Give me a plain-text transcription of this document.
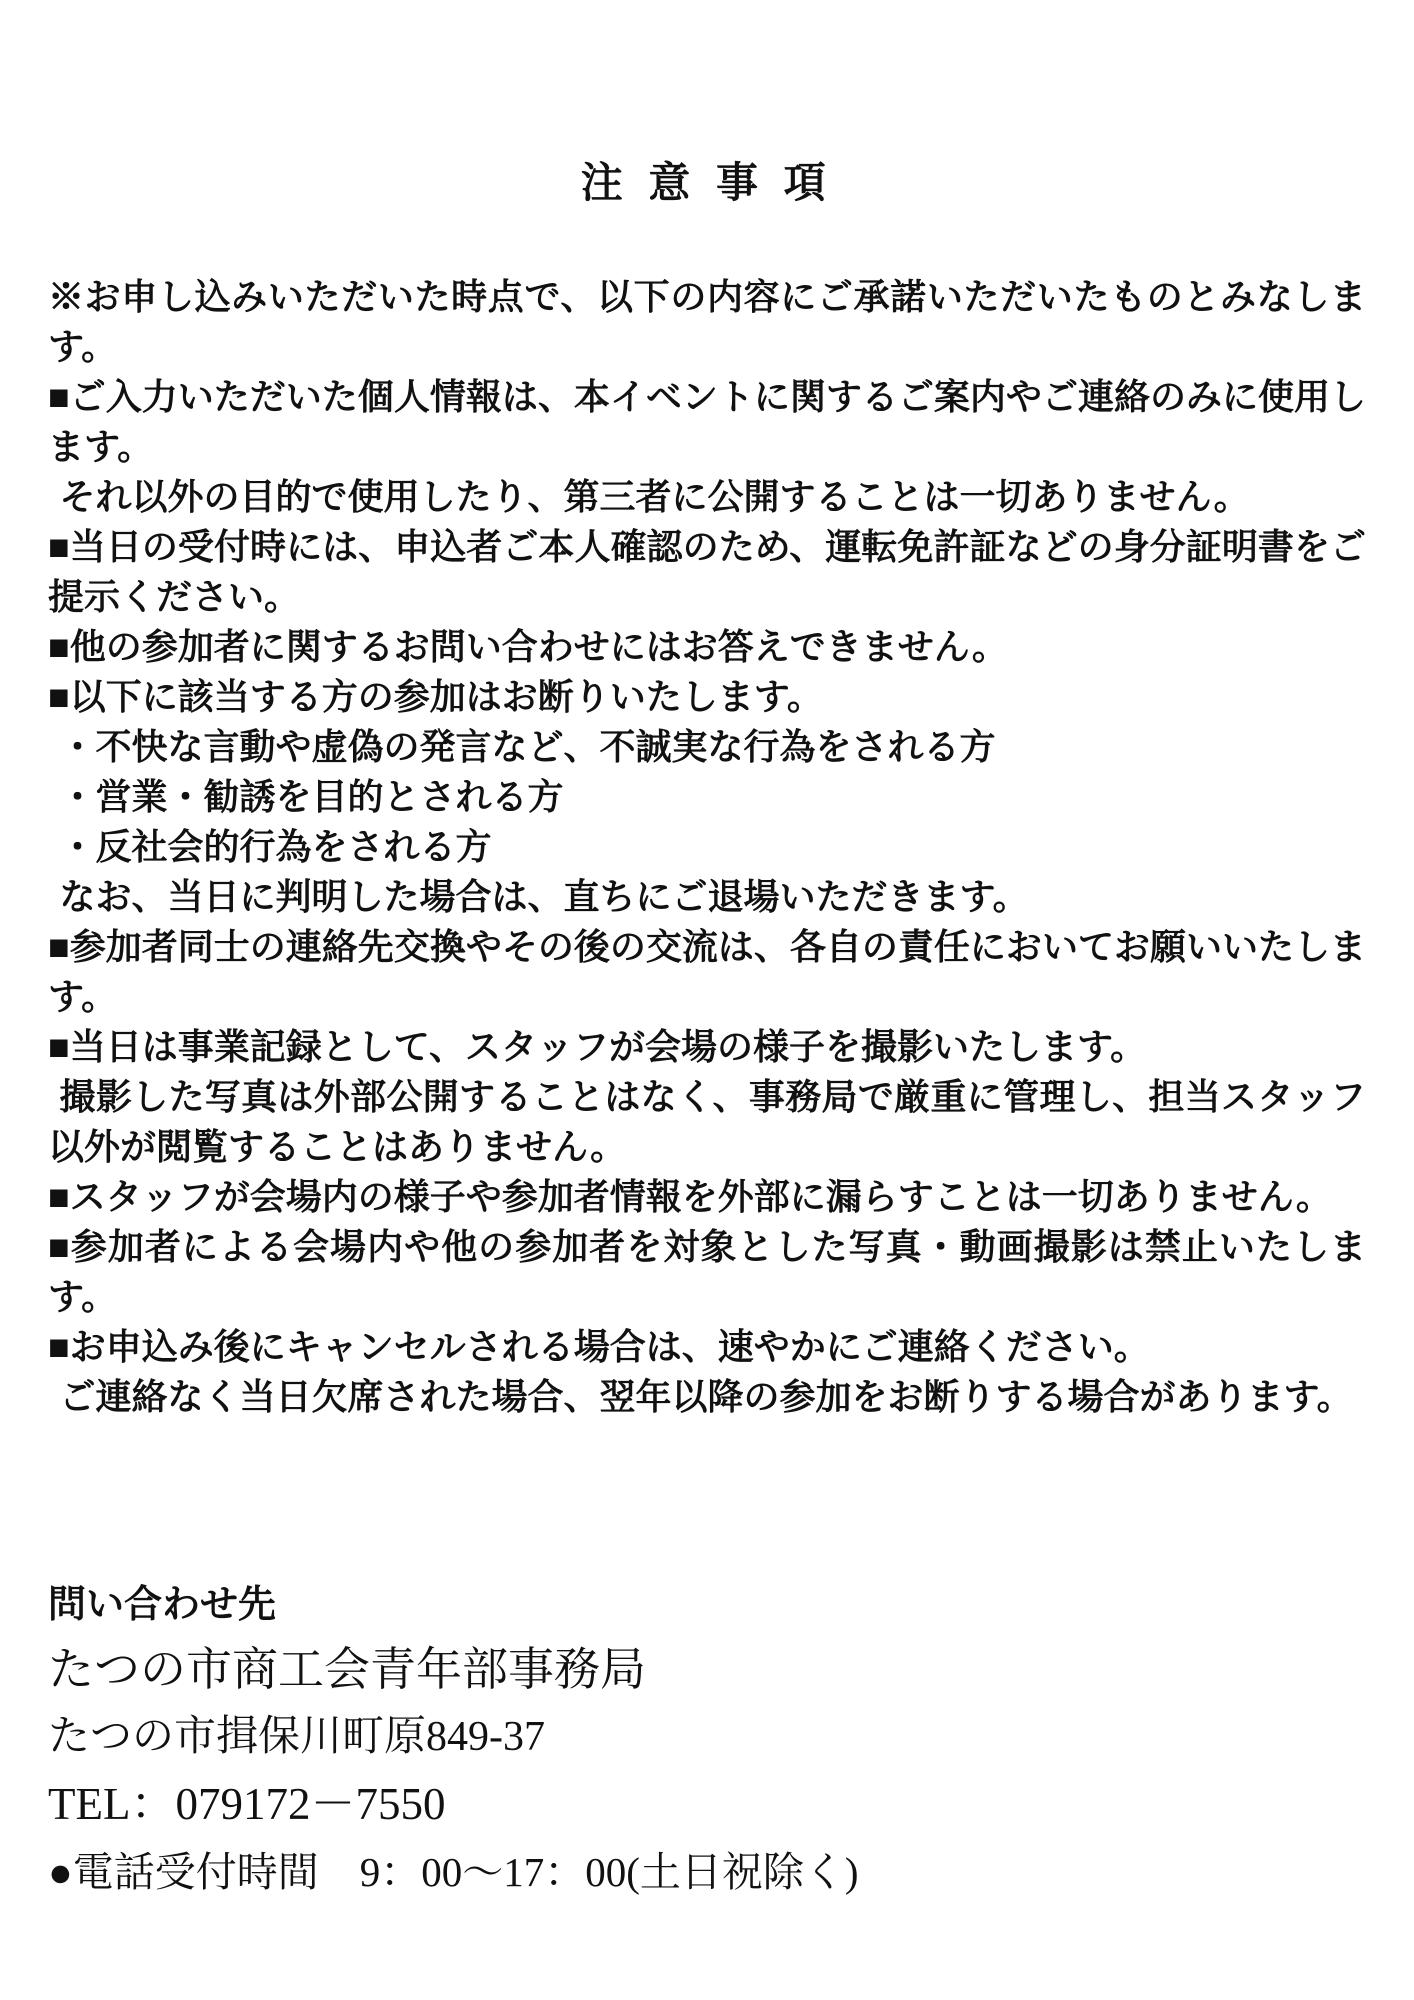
注 意 事 項

※お申し込みいただいた時点で、以下の内容にご承諾いただいたものとみなします。

■ご入力いただいた個人情報は、本イベントに関するご案内やご連絡のみに使用します。

それ以外の目的で使用したり、第三者に公開することは一切ありません。

■当日の受付時には、申込者ご本人確認のため、運転免許証などの身分証明書をご提示ください。

■他の参加者に関するお問い合わせにはお答えできません。

■以下に該当する方の参加はお断りいたします。

・不快な言動や虚偽の発言など、不誠実な行為をされる方

・営業・勧誘を目的とされる方

・反社会的行為をされる方

なお、当日に判明した場合は、直ちにご退場いただきます。

■参加者同士の連絡先交換やその後の交流は、各自の責任においてお願いいたします。

■当日は事業記録として、スタッフが会場の様子を撮影いたします。

撮影した写真は外部公開することはなく、事務局で厳重に管理し、担当スタッフ以外が閲覧することはありません。

■スタッフが会場内の様子や参加者情報を外部に漏らすことは一切ありません。

■参加者による会場内や他の参加者を対象とした写真・動画撮影は禁止いたします。

■お申込み後にキャンセルされる場合は、速やかにご連絡ください。

ご連絡なく当日欠席された場合、翌年以降の参加をお断りする場合があります。

問い合わせ先

たつの市商工会青年部事務局

たつの市揖保川町原849-37

TEL：079172－7550

●電話受付時間　9：00～17：00(土日祝除く)
